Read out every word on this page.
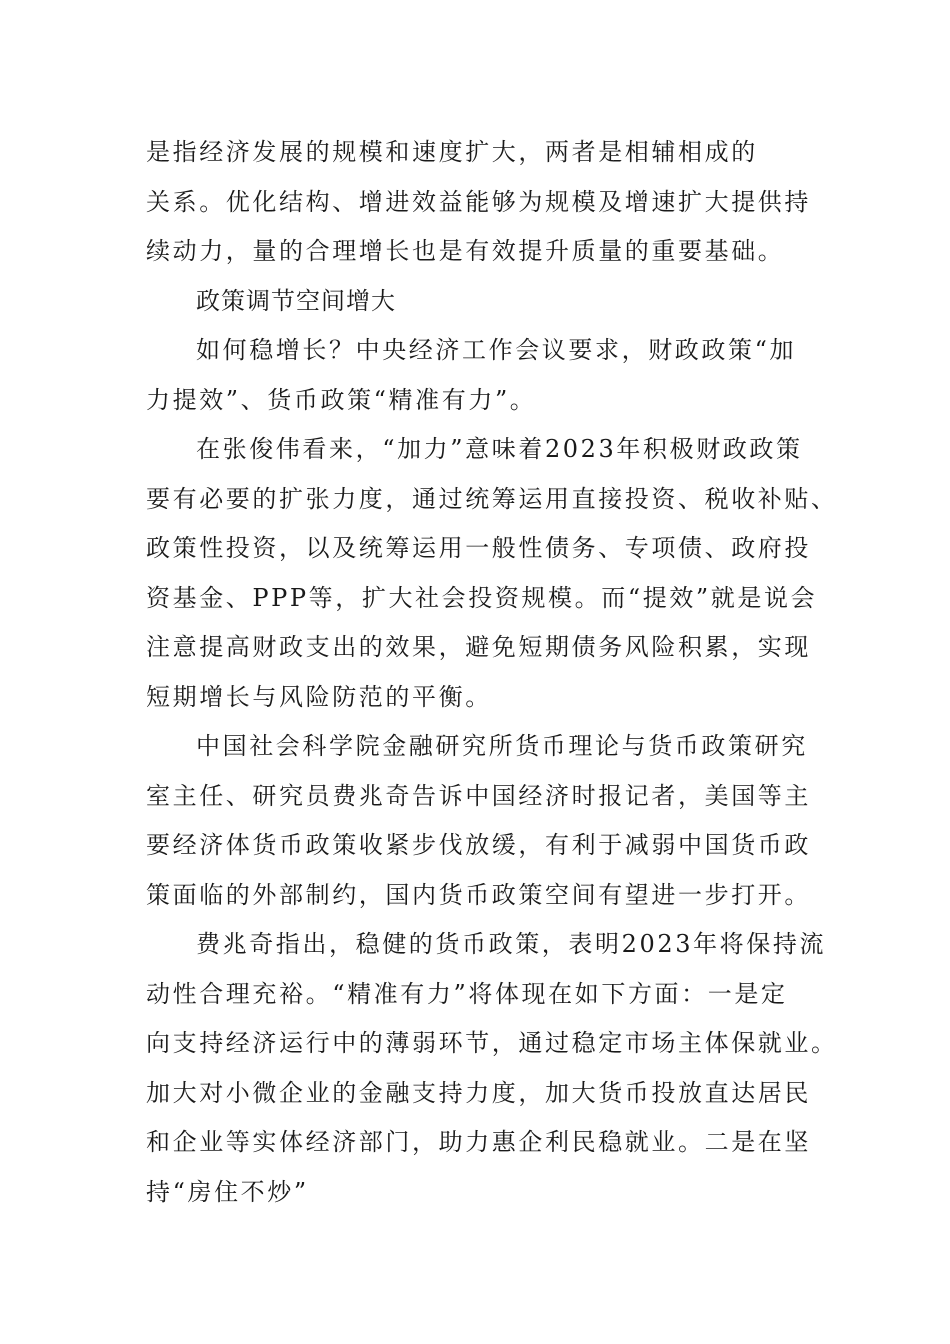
是指经济发展的规模和速度扩大，两者是相辅相成的
关系。优化结构、增进效益能够为规模及增速扩大提供持
续动力，量的合理增长也是有效提升质量的重要基础。
政策调节空间增大
如何稳增长？中央经济工作会议要求，财政政策“加
力提效”、货币政策“精准有力”。
在张俊伟看来，“加力”意味着2023年积极财政政策
要有必要的扩张力度，通过统筹运用直接投资、税收补贴、
政策性投资，以及统筹运用一般性债务、专项债、政府投
资基金、PPP等，扩大社会投资规模。而“提效”就是说会
注意提高财政支出的效果，避免短期债务风险积累，实现
短期增长与风险防范的平衡。
中国社会科学院金融研究所货币理论与货币政策研究
室主任、研究员费兆奇告诉中国经济时报记者，美国等主
要经济体货币政策收紧步伐放缓，有利于减弱中国货币政
策面临的外部制约，国内货币政策空间有望进一步打开。
费兆奇指出，稳健的货币政策，表明2023年将保持流
动性合理充裕。“精准有力”将体现在如下方面：一是定
向支持经济运行中的薄弱环节，通过稳定市场主体保就业。
加大对小微企业的金融支持力度，加大货币投放直达居民
和企业等实体经济部门，助力惠企利民稳就业。二是在坚
持“房住不炒”
